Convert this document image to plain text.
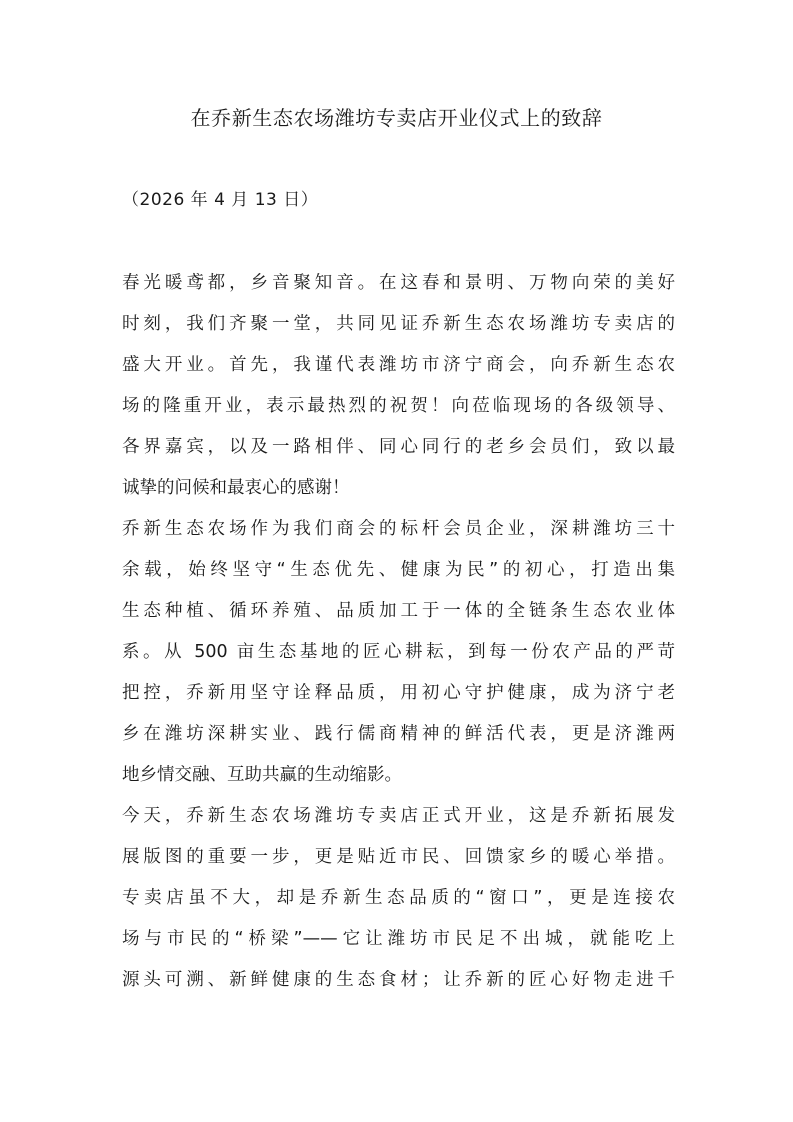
在乔新生态农场潍坊专卖店开业仪式上的致辞

（2026 年 4 月 13 日）

春光暖鸢都，乡音聚知音。在这春和景明、万物向荣的美好

时刻，我们齐聚一堂，共同见证乔新生态农场潍坊专卖店的

盛大开业。首先，我谨代表潍坊市济宁商会，向乔新生态农

场的隆重开业，表示最热烈的祝贺！向莅临现场的各级领导、

各界嘉宾，以及一路相伴、同心同行的老乡会员们，致以最

诚挚的问候和最衷心的感谢！

乔新生态农场作为我们商会的标杆会员企业，深耕潍坊三十

余载，始终坚守“生态优先、健康为民”的初心，打造出集

生态种植、循环养殖、品质加工于一体的全链条生态农业体

系。从 500 亩生态基地的匠心耕耘，到每一份农产品的严苛

把控，乔新用坚守诠释品质，用初心守护健康，成为济宁老

乡在潍坊深耕实业、践行儒商精神的鲜活代表，更是济潍两

地乡情交融、互助共赢的生动缩影。

今天，乔新生态农场潍坊专卖店正式开业，这是乔新拓展发

展版图的重要一步，更是贴近市民、回馈家乡的暖心举措。

专卖店虽不大，却是乔新生态品质的“窗口”，更是连接农

场与市民的“桥梁”——它让潍坊市民足不出城，就能吃上

源头可溯、新鲜健康的生态食材；让乔新的匠心好物走进千
